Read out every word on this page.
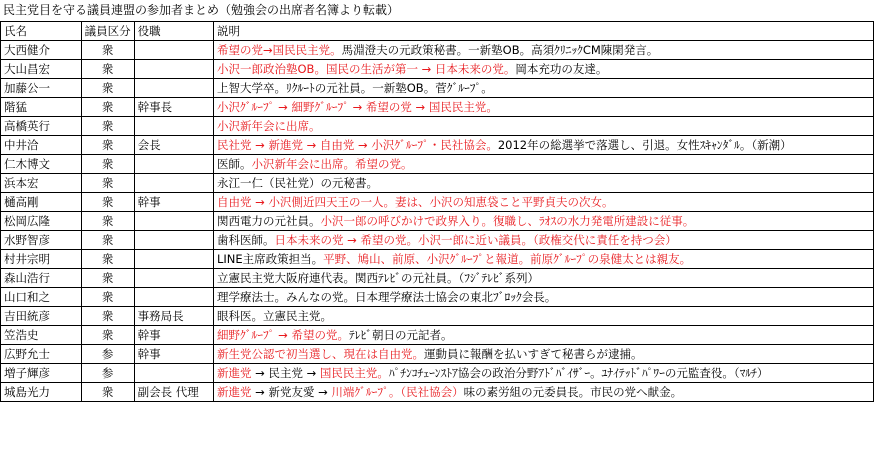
民主党目を守る議員連盟の参加者まとめ（勉強会の出席者名簿より転載）
氏名	議員区分	役職	説明
大西健介	衆		希望の党→国民民主党。馬淵澄夫の元政策秘書。一新塾OB。高須ｸﾘﾆｯｸCM陳閑発言。
大山昌宏	衆		小沢一郎政治塾OB。国民の生活が第一 → 日本未来の党。岡本充功の友達。
加藤公一	衆		上智大学卒。ﾘｸﾙｰﾄの元社員。一新塾OB。菅ｸﾞﾙｰﾌﾟ。
階猛	衆	幹事長	小沢ｸﾞﾙｰﾌﾟ → 細野ｸﾞﾙｰﾌﾟ → 希望の党 → 国民民主党。
高橋英行	衆		小沢新年会に出席。
中井洽	衆	会長	民社党 → 新進党 → 自由党 → 小沢ｸﾞﾙｰﾌﾟ・民社協会。2012年の総選挙で落選し、引退。女性ｽｷｬﾝﾀﾞﾙ。（新潮）
仁木博文	衆		医師。小沢新年会に出席。希望の党。
浜本宏	衆		永江一仁（民社党）の元秘書。
樋高剛	衆	幹事	自由党 → 小沢側近四天王の一人。妻は、小沢の知恵袋こと平野貞夫の次女。
松岡広隆	衆		関西電力の元社員。小沢一郎の呼びかけで政界入り。復職し、ﾗｵｽの水力発電所建設に従事。
水野智彦	衆		歯科医師。日本未来の党 → 希望の党。小沢一郎に近い議員。（政権交代に責任を持つ会）
村井宗明	衆		LINE主席政策担当。平野、鳩山、前原、小沢ｸﾞﾙｰﾌﾟと報道。前原ｸﾞﾙｰﾌﾟの泉健太とは親友。
森山浩行	衆		立憲民主党大阪府連代表。関西ﾃﾚﾋﾞの元社員。（ﾌｼﾞﾃﾚﾋﾞ系列）
山口和之	衆		理学療法士。みんなの党。日本理学療法士協会の東北ﾌﾞﾛｯｸ会長。
吉田統彦	衆	事務局長	眼科医。立憲民主党。
笠浩史	衆	幹事	細野ｸﾞﾙｰﾌﾟ → 希望の党。ﾃﾚﾋﾞ朝日の元記者。
広野允士	参	幹事	新生党公認で初当選し、現在は自由党。運動員に報酬を払いすぎて秘書らが逮捕。
増子輝彦	参		新進党 → 民主党 → 国民民主党。ﾊﾟﾁﾝｺﾁｪｰﾝｽﾄｱ協会の政治分野ｱﾄﾞﾊﾞｲｻﾞｰ。ﾕﾅｲﾃｯﾄﾞﾊﾟﾜｰの元監査役。（ﾏﾙﾁ）
城島光力	衆	副会長 代理	新進党 → 新党友愛 → 川端ｸﾞﾙｰﾌﾟ。（民社協会）味の素労組の元委員長。市民の党へ献金。
